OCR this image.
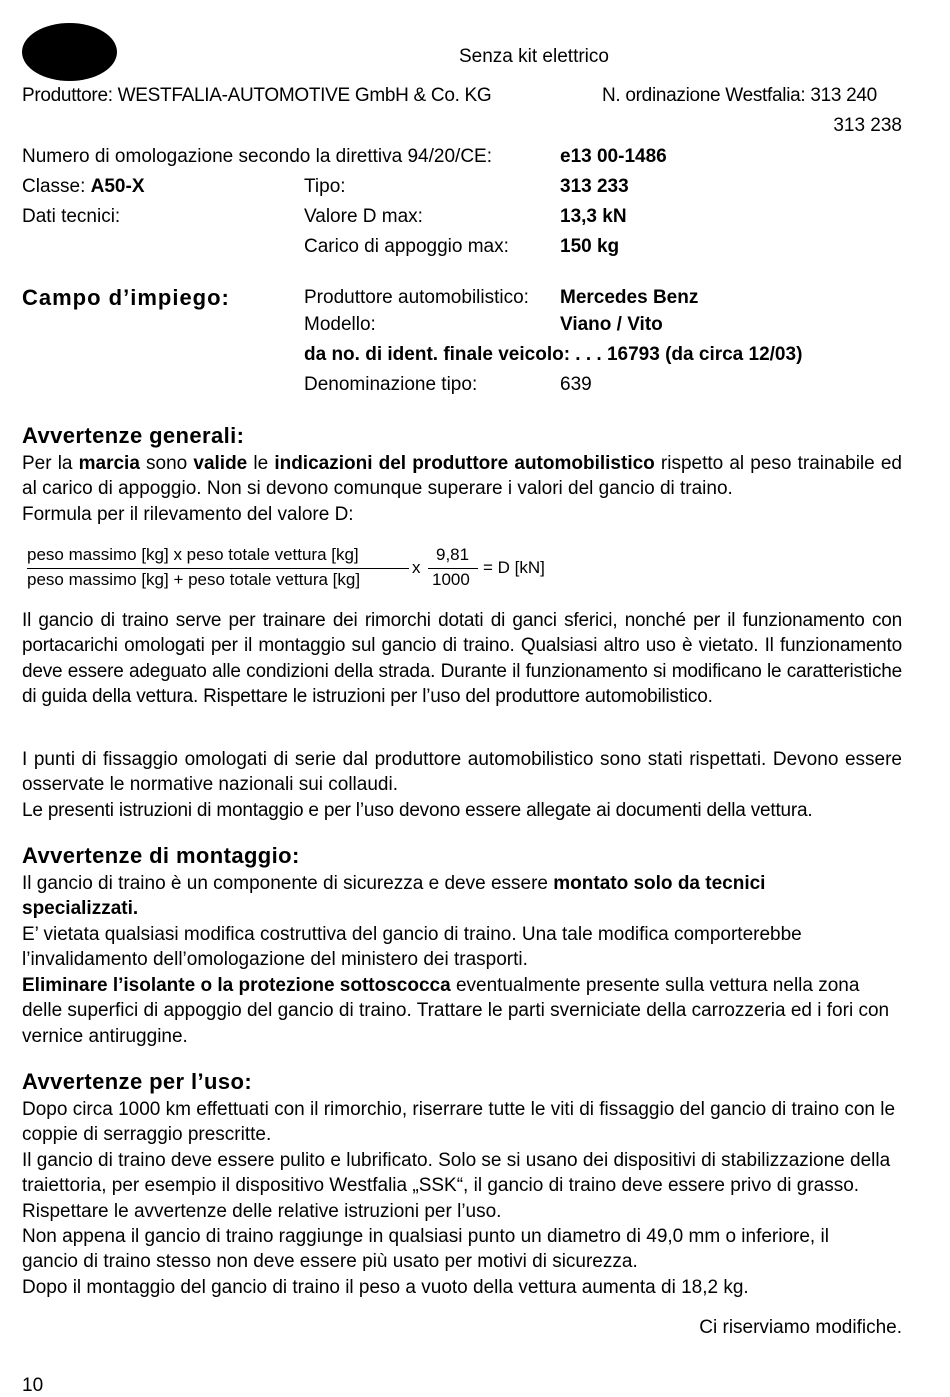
Senza kit elettrico
Produttore: WESTFALIA-AUTOMOTIVE GmbH & Co. KG	N. ordinazione Westfalia: 313 240
313 238
Numero di omologazione secondo la direttiva 94/20/CE:	e13 00-1486
Classe: A50-X	Tipo:	313 233
Dati tecnici:	Valore D max:	13,3 kN
Carico di appoggio max:	150 kg
Campo d’impiego:	Produttore automobilistico: Mercedes Benz
Modello:	Viano / Vito
da no. di ident. finale veicolo: . . . 16793 (da circa 12/03)
Denominazione tipo:	639
Avvertenze generali:

Per la marcia sono valide le indicazioni del produttore automobilistico rispetto al peso trainabile ed al carico di appoggio. Non si devono comunque superare i valori del gancio di traino.
Formula per il rilevamento del valore D:

peso massimo [kg] x peso totale vettura [kg]
peso massimo [kg] + peso totale vettura [kg]
x
9,81
1000
= D [kN]

Il gancio di traino serve per trainare dei rimorchi dotati di ganci sferici, nonché per il funzionamento con portacarichi omologati per il montaggio sul gancio di traino. Qualsiasi altro uso è vietato. Il funzionamento deve essere adeguato alle condizioni della strada. Durante il funzionamento si modificano le caratteristiche di guida della vettura. Rispettare le istruzioni per l’uso del produttore automobilistico.

I punti di fissaggio omologati di serie dal produttore automobilistico sono stati rispettati. Devono essere osservate le normative nazionali sui collaudi.

Le presenti istruzioni di montaggio e per l’uso devono essere allegate ai documenti della vettura.

Avvertenze di montaggio:

Il gancio di traino è un componente di sicurezza e deve essere montato solo da tecnici specializzati.

E’ vietata qualsiasi modifica costruttiva del gancio di traino. Una tale modifica comporterebbe l’invalidamento dell’omologazione del ministero dei trasporti.

Eliminare l’isolante o la protezione sottoscocca eventualmente presente sulla vettura nella zona delle superfici di appoggio del gancio di traino. Trattare le parti sverniciate della carrozzeria ed i fori con vernice antiruggine.

Avvertenze per l’uso:

Dopo circa 1000 km effettuati con il rimorchio, riserrare tutte le viti di fissaggio del gancio di traino con le coppie di serraggio prescritte.

Il gancio di traino deve essere pulito e lubrificato. Solo se si usano dei dispositivi di stabilizzazione della traiettoria, per esempio il dispositivo Westfalia „SSK“, il gancio di traino deve essere privo di grasso. Rispettare le avvertenze delle relative istruzioni per l’uso.

Non appena il gancio di traino raggiunge in qualsiasi punto un diametro di 49,0 mm o inferiore, il gancio di traino stesso non deve essere più usato per motivi di sicurezza.

Dopo il montaggio del gancio di traino il peso a vuoto della vettura aumenta di 18,2 kg.

Ci riserviamo modifiche.
10
